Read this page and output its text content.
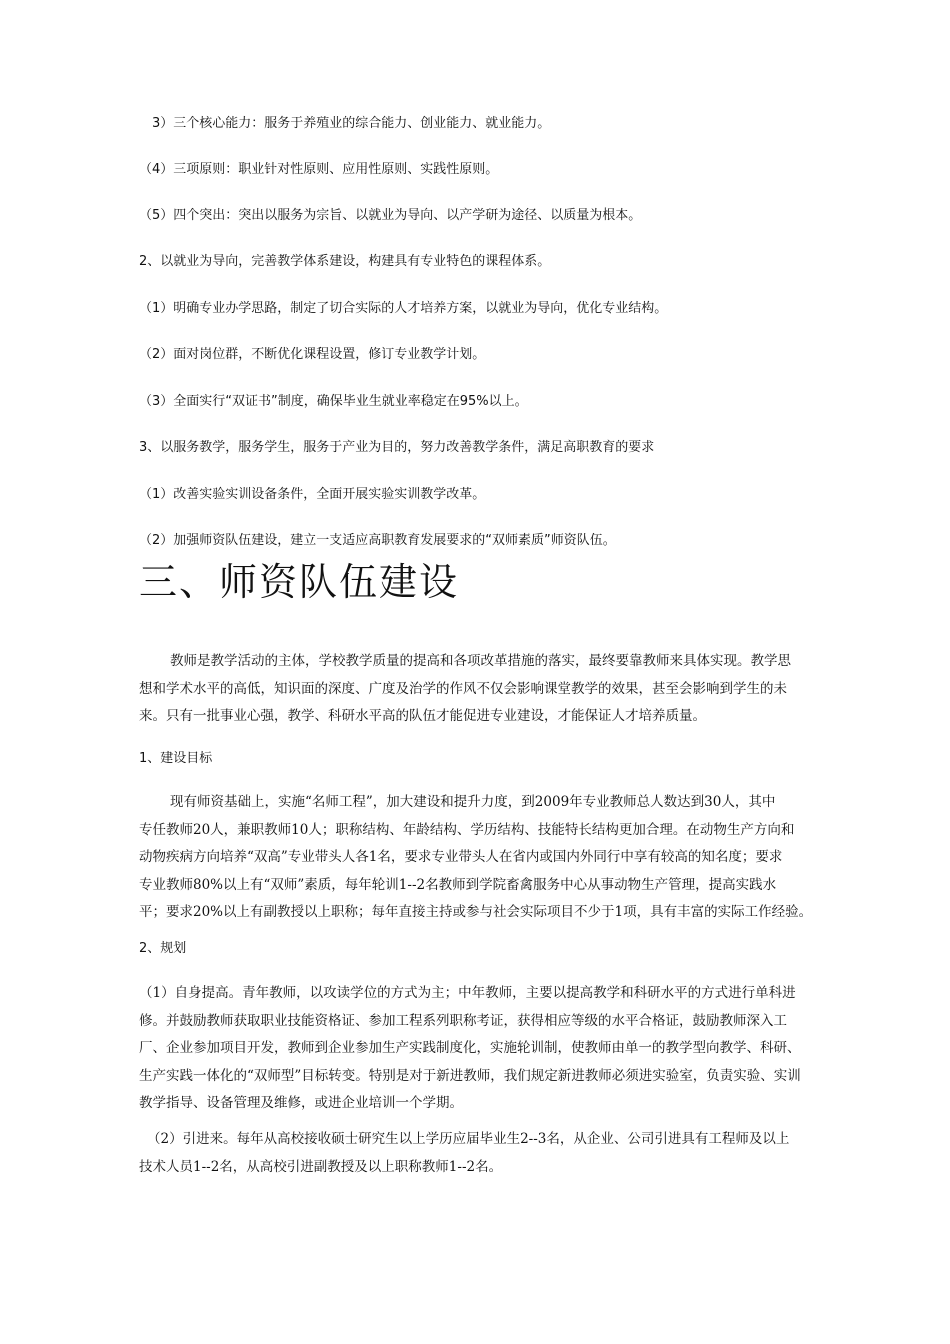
3）三个核心能力：服务于养殖业的综合能力、创业能力、就业能力。
（4）三项原则：职业针对性原则、应用性原则、实践性原则。
（5）四个突出：突出以服务为宗旨、以就业为导向、以产学研为途径、以质量为根本。
2、以就业为导向，完善教学体系建设，构建具有专业特色的课程体系。
（1）明确专业办学思路，制定了切合实际的人才培养方案，以就业为导向，优化专业结构。
（2）面对岗位群，不断优化课程设置，修订专业教学计划。
（3）全面实行“双证书”制度，确保毕业生就业率稳定在95%以上。
3、以服务教学，服务学生，服务于产业为目的，努力改善教学条件，满足高职教育的要求
（1）改善实验实训设备条件，全面开展实验实训教学改革。
（2）加强师资队伍建设，建立一支适应高职教育发展要求的“双师素质”师资队伍。
三、师资队伍建设
教师是教学活动的主体，学校教学质量的提高和各项改革措施的落实，最终要靠教师来具体实现。教学思
想和学术水平的高低，知识面的深度、广度及治学的作风不仅会影响课堂教学的效果，甚至会影响到学生的未
来。只有一批事业心强，教学、科研水平高的队伍才能促进专业建设，才能保证人才培养质量。
1、建设目标
现有师资基础上，实施“名师工程”，加大建设和提升力度，到2009年专业教师总人数达到30人，其中
专任教师20人，兼职教师10人；职称结构、年龄结构、学历结构、技能特长结构更加合理。在动物生产方向和
动物疾病方向培养“双高”专业带头人各1名，要求专业带头人在省内或国内外同行中享有较高的知名度；要求
专业教师80%以上有“双师”素质，每年轮训1--2名教师到学院畜禽服务中心从事动物生产管理，提高实践水
平；要求20%以上有副教授以上职称；每年直接主持或参与社会实际项目不少于1项，具有丰富的实际工作经验。
2、规划
（1）自身提高。青年教师，以攻读学位的方式为主；中年教师，主要以提高教学和科研水平的方式进行单科进
修。并鼓励教师获取职业技能资格证、参加工程系列职称考证，获得相应等级的水平合格证，鼓励教师深入工
厂、企业参加项目开发，教师到企业参加生产实践制度化，实施轮训制，使教师由单一的教学型向教学、科研、
生产实践一体化的“双师型”目标转变。特别是对于新进教师，我们规定新进教师必须进实验室，负责实验、实训
教学指导、设备管理及维修，或进企业培训一个学期。
（2）引进来。每年从高校接收硕士研究生以上学历应届毕业生2--3名，从企业、公司引进具有工程师及以上
技术人员1--2名，从高校引进副教授及以上职称教师1--2名。
